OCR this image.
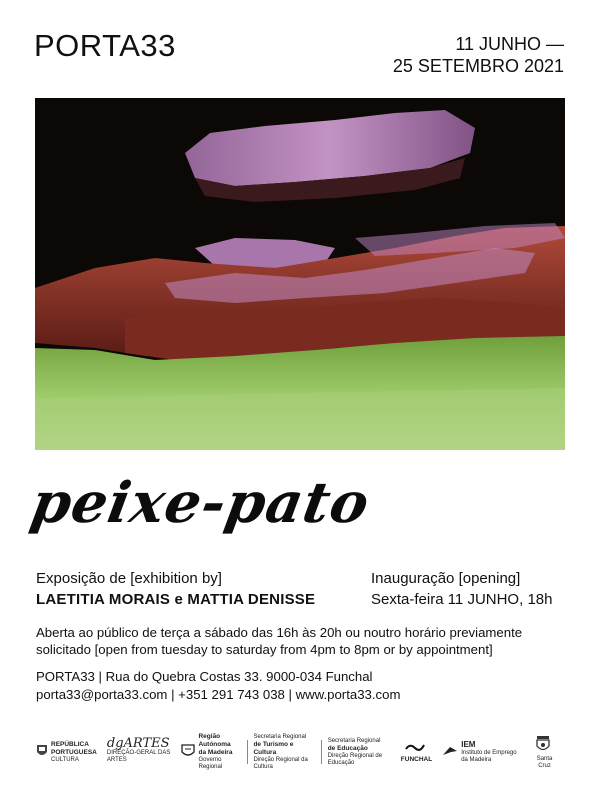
PORTA33	11 JUNHO —
25 SETEMBRO 2021
peixe-pato
Exposição de [exhibition by]
LAETITIA MORAIS e MATTIA DENISSE
Inauguração [opening]
Sexta-feira 11 JUNHO, 18h
Aberta ao público de terça a sábado das 16h às 20h ou noutro horário previamente
solicitado [open from tuesday to saturday from 4pm to 8pm or by appointment]
PORTA33 | Rua do Quebra Costas 33. 9000-034 Funchal
porta33@porta33.com | +351 291 743 038 | www.porta33.com
REPÚBLICA
PORTUGUESA
CULTURA
dgARTES
DIREÇÃO-GERAL DAS ARTES
Região Autónoma
da Madeira
Governo Regional
Secretaria Regional
de Turismo e Cultura
Direção Regional da Cultura
Secretaria Regional
de Educação
Direção Regional de Educação	FUNCHAL
IEM
Instituto de Emprego da Madeira	Santa Cruz
